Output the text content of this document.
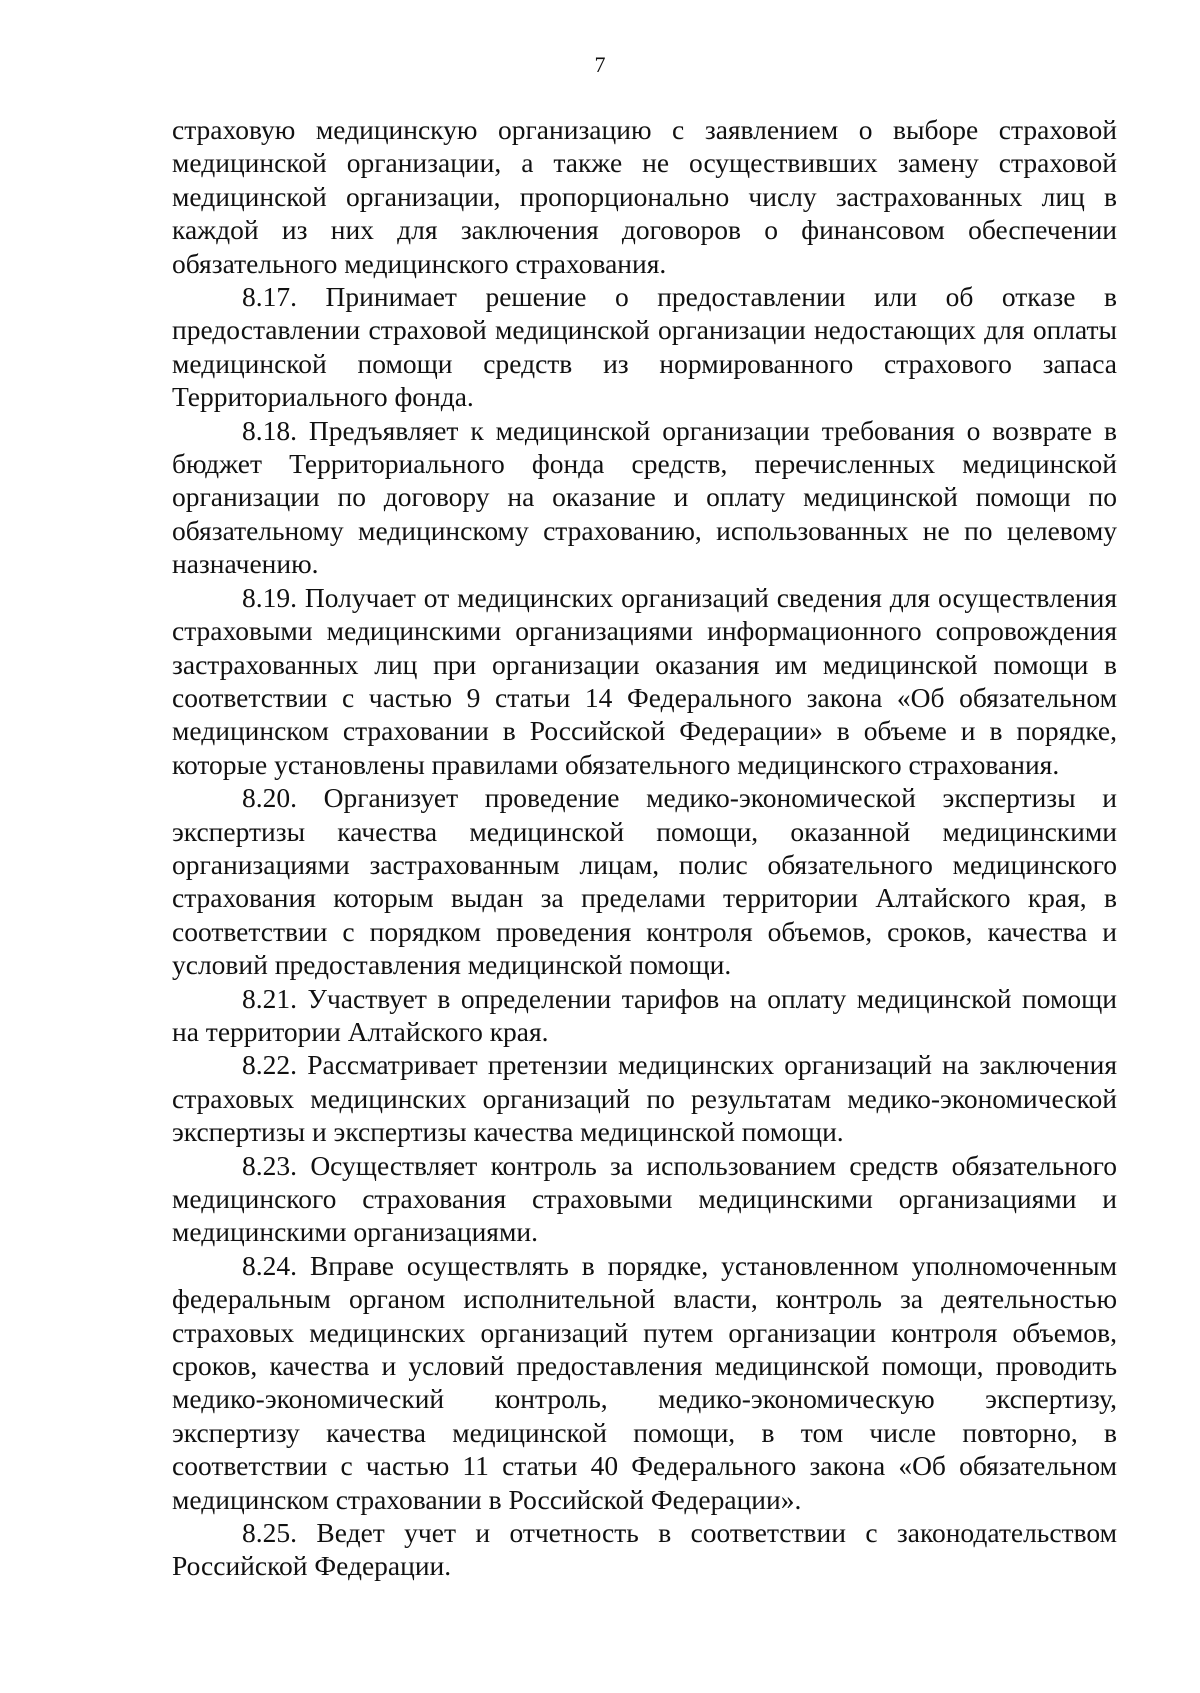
7

страховую медицинскую организацию с заявлением о выборе страховой медицинской организации, а также не осуществивших замену страховой медицинской организации, пропорционально числу застрахованных лиц в каждой из них для заключения договоров о финансовом обеспечении обязательного медицинского страхования.

8.17. Принимает решение о предоставлении или об отказе в предоставлении страховой медицинской организации недостающих для оплаты медицинской помощи средств из нормированного страхового запаса Территориального фонда.

8.18. Предъявляет к медицинской организации требования о возврате в бюджет Территориального фонда средств, перечисленных медицинской организации по договору на оказание и оплату медицинской помощи по обязательному медицинскому страхованию, использованных не по целевому назначению.

8.19. Получает от медицинских организаций сведения для осуществления страховыми медицинскими организациями информационного сопровождения застрахованных лиц при организации оказания им медицинской помощи в соответствии с частью 9 статьи 14 Федерального закона «Об обязательном медицинском страховании в Российской Федерации» в объеме и в порядке, которые установлены правилами обязательного медицинского страхования.

8.20. Организует проведение медико-экономической экспертизы и экспертизы качества медицинской помощи, оказанной медицинскими организациями застрахованным лицам, полис обязательного медицинского страхования которым выдан за пределами территории Алтайского края, в соответствии с порядком проведения контроля объемов, сроков, качества и условий предоставления медицинской помощи.

8.21. Участвует в определении тарифов на оплату медицинской помощи на территории Алтайского края.

8.22. Рассматривает претензии медицинских организаций на заключения страховых медицинских организаций по результатам медико-экономической экспертизы и экспертизы качества медицинской помощи.

8.23. Осуществляет контроль за использованием средств обязательного медицинского страхования страховыми медицинскими организациями и медицинскими организациями.

8.24. Вправе осуществлять в порядке, установленном уполномоченным федеральным органом исполнительной власти, контроль за деятельностью страховых медицинских организаций путем организации контроля объемов, сроков, качества и условий предоставления медицинской помощи, проводить медико-экономический контроль, медико-экономическую экспертизу, экспертизу качества медицинской помощи, в том числе повторно, в соответствии с частью 11 статьи 40 Федерального закона «Об обязательном медицинском страховании в Российской Федерации».

8.25. Ведет учет и отчетность в соответствии с законодательством Российской Федерации.
